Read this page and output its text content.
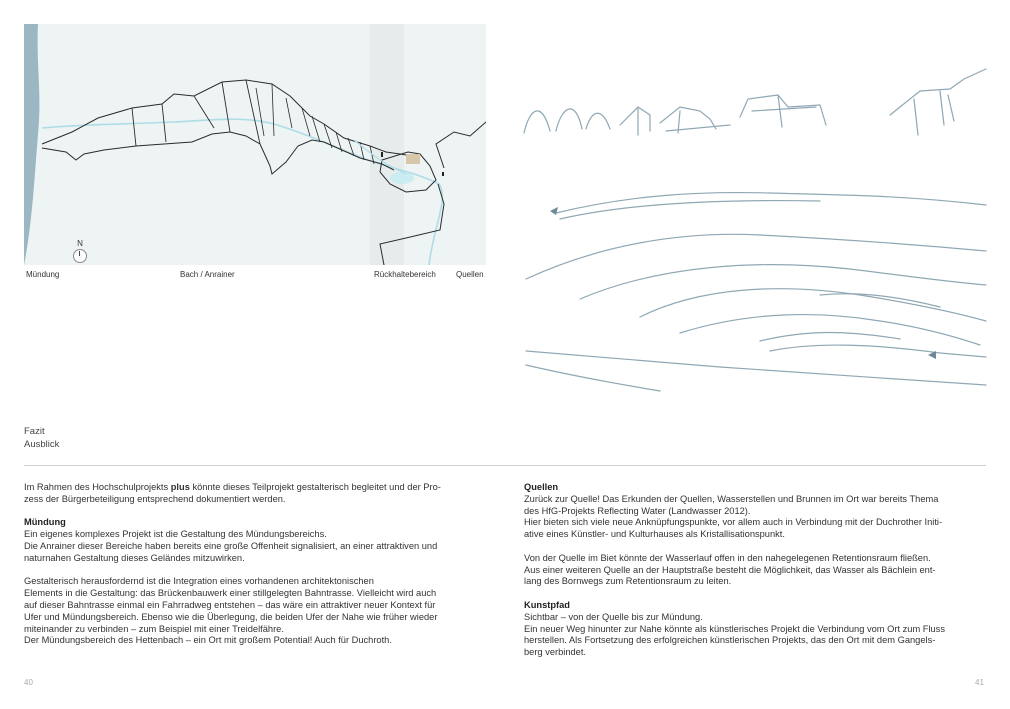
N
Mündung	Bach / Anrainer	Rückhaltebereich	Quellen
Fazit
Ausblick

Im Rahmen des Hochschulprojekts plus könnte dieses Teilprojekt gestalterisch begleitet und der Pro-

zess der Bürgerbeteiligung entsprechend dokumentiert werden.

Mündung

Ein eigenes komplexes Projekt ist die Gestaltung des Mündungsbereichs.

Die Anrainer dieser Bereiche haben bereits eine große Offenheit signalisiert, an einer attraktiven und

naturnahen Gestaltung dieses Geländes mitzuwirken.

Gestalterisch herausfordernd ist die Integration eines vorhandenen architektonischen

Elements in die Gestaltung: das Brückenbauwerk einer stillgelegten Bahntrasse. Vielleicht wird auch

auf dieser Bahntrasse einmal ein Fahrradweg entstehen – das wäre ein attraktiver neuer Kontext für

Ufer und Mündungsbereich. Ebenso wie die Überlegung, die beiden Ufer der Nahe wie früher wieder

miteinander zu verbinden – zum Beispiel mit einer Treidelfähre.

Der Mündungsbereich des Hettenbach – ein Ort mit großem Potential! Auch für Duchroth.

Quellen

Zurück zur Quelle! Das Erkunden der Quellen, Wasserstellen und Brunnen im Ort war bereits Thema

des HfG-Projekts Reflecting Water (Landwasser 2012).

Hier bieten sich viele neue Anknüpfungspunkte, vor allem auch in Verbindung mit der Duchrother Initi-

ative eines Künstler- und Kulturhauses als Kristallisationspunkt.

Von der Quelle im Biet könnte der Wasserlauf offen in den nahegelegenen Retentionsraum fließen.

Aus einer weiteren Quelle an der Hauptstraße besteht die Möglichkeit, das Wasser als Bächlein ent-

lang des Bornwegs zum Retentionsraum zu leiten.

Kunstpfad

Sichtbar – von der Quelle bis zur Mündung.

Ein neuer Weg hinunter zur Nahe könnte als künstlerisches Projekt die Verbindung vom Ort zum Fluss

herstellen. Als Fortsetzung des erfolgreichen künstlerischen Projekts, das den Ort mit dem Gangels-

berg verbindet.

40	41
